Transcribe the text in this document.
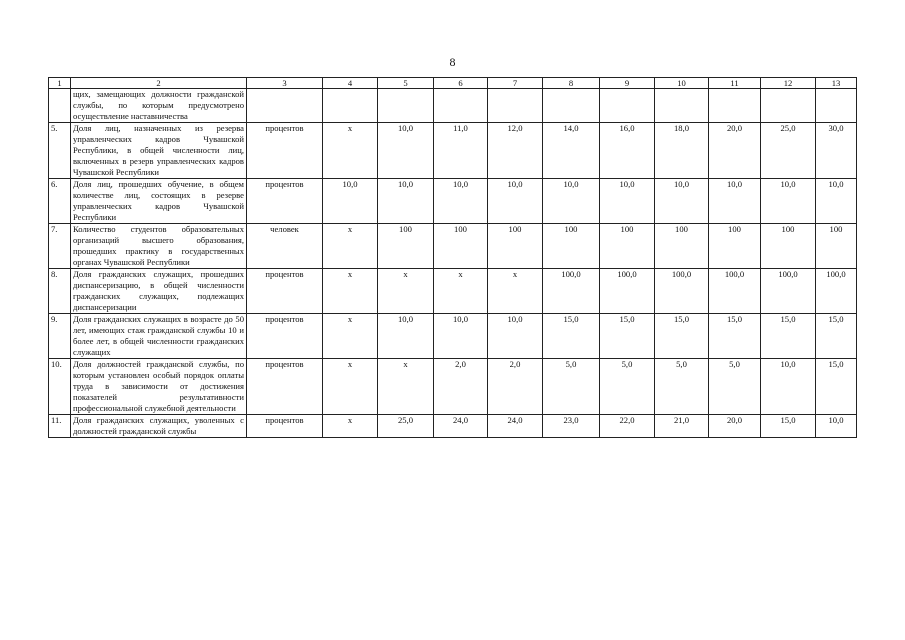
8
1	2	3	4	5	6	7	8	9	10	11	12	13	
	щих, замещающих должности гражданской службы, по которым предусмотрено осуществление наставничества												
5.	Доля лиц, назначенных из резерва управленческих кадров Чувашской Республики, в общей численности лиц, включенных в резерв управленческих кадров Чувашской Республики	процентов	х	10,0	11,0	12,0	14,0	16,0	18,0	20,0	25,0	30,0	
6.	Доля лиц, прошедших обучение, в общем количестве лиц, состоящих в резерве управленческих кадров Чувашской Республики	процентов	10,0	10,0	10,0	10,0	10,0	10,0	10,0	10,0	10,0	10,0	
7.	Количество студентов образовательных организаций высшего образования, прошедших практику в государственных органах Чувашской Республики	человек	х	100	100	100	100	100	100	100	100	100	
8.	Доля гражданских служащих, прошедших диспансеризацию, в общей численности гражданских служащих, подлежащих диспансеризации	процентов	х	х	х	х	100,0	100,0	100,0	100,0	100,0	100,0	
9.	Доля гражданских служащих в возрасте до 50 лет, имеющих стаж гражданской службы 10 и более лет, в общей численности гражданских служащих	процентов	х	10,0	10,0	10,0	15,0	15,0	15,0	15,0	15,0	15,0	
10.	Доля должностей гражданской службы, по которым установлен особый порядок оплаты труда в зависимости от достижения показателей результативности профессиональной служебной деятельности	процентов	х	х	2,0	2,0	5,0	5,0	5,0	5,0	10,0	15,0	
11.	Доля гражданских служащих, уволенных с должностей гражданской службы	процентов	х	25,0	24,0	24,0	23,0	22,0	21,0	20,0	15,0	10,0	
